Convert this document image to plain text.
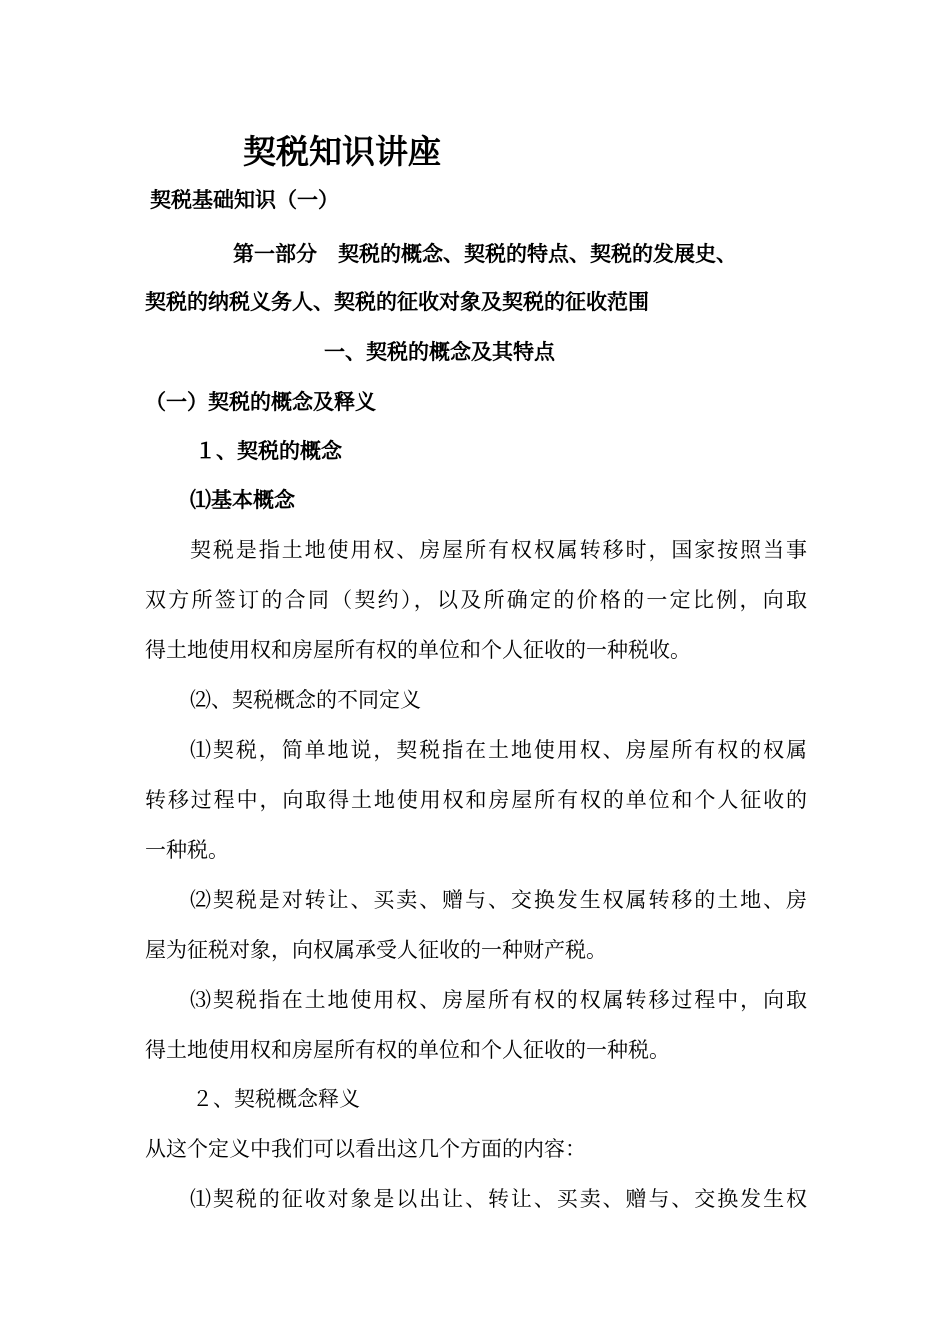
契税知识讲座
契税基础知识（一）
第一部分　契税的概念、契税的特点、契税的发展史、
契税的纳税义务人、契税的征收对象及契税的征收范围
一、契税的概念及其特点
（一）契税的概念及释义
１、契税的概念
⑴基本概念
契税是指土地使用权、房屋所有权权属转移时，国家按照当事
双方所签订的合同（契约），以及所确定的价格的一定比例，向取
得土地使用权和房屋所有权的单位和个人征收的一种税收。
⑵、契税概念的不同定义
⑴契税，简单地说，契税指在土地使用权、房屋所有权的权属
转移过程中，向取得土地使用权和房屋所有权的单位和个人征收的
一种税。
⑵契税是对转让、买卖、赠与、交换发生权属转移的土地、房
屋为征税对象，向权属承受人征收的一种财产税。
⑶契税指在土地使用权、房屋所有权的权属转移过程中，向取
得土地使用权和房屋所有权的单位和个人征收的一种税。
２、契税概念释义
从这个定义中我们可以看出这几个方面的内容：
⑴契税的征收对象是以出让、转让、买卖、赠与、交换发生权
